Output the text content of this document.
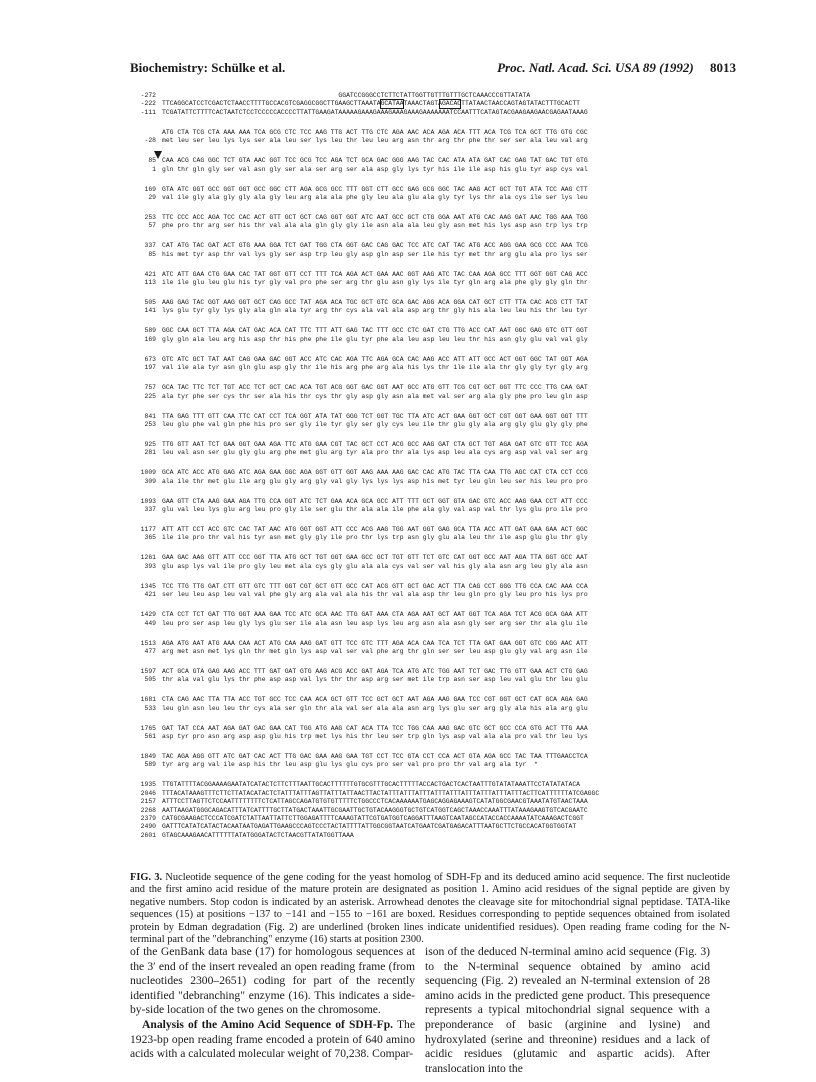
Biochemistry: Schülke et al.	Proc. Natl. Acad. Sci. USA 89 (1992) 8013
-272 GGATCCGGGCCTCTTCTATTGGTTGTTTGTTTGCTCAAACCCGTTATATA
-222 TTCAGGCATCCTCGACTCTAACCTTTTGCCACGTCGAGGCGGCTTGAAGCTTAAATAGCATAATAAACTAGTAGACACTTATAACTAACCAGTAGTATACTTTGCACTT
-111 TCGATATTCTTTTCACTAATCTCCTCCCCCACCCCTTATTGAAGATAAAAAGAAAGAAAGAAAGAAAGAAAAAAATCCAATTTCATAGTACGAAGAAGAACGAGAATAAAG
ATG CTA TCG CTA AAA AAA TCA GCG CTC TCC AAG TTG ACT TTG CTC AGA AAC ACA AGA ACA TTT ACA TCG TCA GCT TTG GTG CGC
-28 met leu ser leu lys lys ser ala leu ser lys leu thr leu leu arg asn thr arg thr phe thr ser ser ala leu val arg
85 CAA ACG CAG GGC TCT GTA AAC GGT TCC GCG TCC AGA TCT GCA GAC GGG AAG TAC CAC ATA ATA GAT CAC GAG TAT GAC TGT GTG
1 gln thr gln gly ser val asn gly ser ala ser arg ser ala asp gly lys tyr his ile ile asp his glu tyr asp cys val
169 GTA ATC GGT GCC GGT GGT GCC GGC CTT AGA GCG GCC TTT GGT CTT GCC GAG GCG GGC TAC AAG ACT GCT TGT ATA TCC AAG CTT
29 val ile gly ala gly gly ala gly leu arg ala ala phe gly leu ala glu ala gly tyr lys thr ala cys ile ser lys leu
253 TTC CCC ACC AGA TCC CAC ACT GTT GCT GCT CAG GGT GGT ATC AAT GCC GCT CTG GGA AAT ATG CAC AAG GAT AAC TGG AAA TGG
57 phe pro thr arg ser his thr val ala ala gln gly gly ile asn ala ala leu gly asn met his lys asp asn trp lys trp
337 CAT ATG TAC GAT ACT GTG AAA GGA TCT GAT TGG CTA GGT GAC CAG GAC TCC ATC CAT TAC ATG ACC AGG GAA GCG CCC AAA TCG
85 his met tyr asp thr val lys gly ser asp trp leu gly asp gln asp ser ile his tyr met thr arg glu ala pro lys ser
421 ATC ATT GAA CTG GAA CAC TAT GGT GTT CCT TTT TCA AGA ACT GAA AAC GGT AAG ATC TAC CAA AGA GCC TTT GGT GGT CAG ACC
113 ile ile glu leu glu his tyr gly val pro phe ser arg thr glu asn gly lys ile tyr gln arg ala phe gly gly gln thr
505 AAG GAG TAC GGT AAG GGT GCT CAG GCC TAT AGA ACA TGC GCT GTC GCA GAC AGG ACA GGA CAT GCT CTT TTA CAC ACG CTT TAT
141 lys glu tyr gly lys gly ala gln ala tyr arg thr cys ala val ala asp arg thr gly his ala leu leu his thr leu tyr
589 GGC CAA GCT TTA AGA CAT GAC ACA CAT TTC TTT ATT GAG TAC TTT GCC CTC GAT CTG TTG ACC CAT AAT GGC GAG GTC GTT GGT
169 gly gln ala leu arg his asp thr his phe phe ile glu tyr phe ala leu asp leu leu thr his asn gly glu val val gly
673 GTC ATC GCT TAT AAT CAG GAA GAC GGT ACC ATC CAC AGA TTC AGA GCA CAC AAG ACC ATT ATT GCC ACT GGT GGC TAT GGT AGA
197 val ile ala tyr asn gln glu asp gly thr ile his arg phe arg ala his lys thr ile ile ala thr gly gly tyr gly arg
757 GCA TAC TTC TCT TGT ACC TCT GCT CAC ACA TGT ACG GGT GAC GGT AAT GCC ATG GTT TCG CGT GCT GGT TTC CCC TTG CAA GAT
225 ala tyr phe ser cys thr ser ala his thr cys thr gly asp gly asn ala met val ser arg ala gly phe pro leu gln asp
841 TTA GAG TTT GTT CAA TTC CAT CCT TCA GGT ATA TAT GGG TCT GGT TGC TTA ATC ACT GAA GGT GCT CGT GGT GAA GGT GGT TTT
253 leu glu phe val gln phe his pro ser gly ile tyr gly ser gly cys leu ile thr glu gly ala arg gly glu gly gly phe
925 TTG GTT AAT TCT GAA GGT GAA AGA TTC ATG GAA CGT TAC GCT CCT ACG GCC AAG GAT CTA GCT TGT AGA GAT GTC GTT TCC AGA
281 leu val asn ser glu gly glu arg phe met glu arg tyr ala pro thr ala lys asp leu ala cys arg asp val val ser arg
1009 GCA ATC ACC ATG GAG ATC AGA GAA GGC AGA GGT GTT GGT AAG AAA AAG GAC CAC ATG TAC TTA CAA TTG AGC CAT CTA CCT CCG
309 ala ile thr met glu ile arg glu gly arg gly val gly lys lys lys asp his met tyr leu gln leu ser his leu pro pro
1093 GAA GTT CTA AAG GAA AGA TTG CCA GGT ATC TCT GAA ACA GCA GCC ATT TTT GCT GGT GTA GAC GTC ACC AAG GAA CCT ATT CCC
337 glu val leu lys glu arg leu pro gly ile ser glu thr ala ala ile phe ala gly val asp val thr lys glu pro ile pro
1177 ATT ATT CCT ACC GTC CAC TAT AAC ATG GGT GGT ATT CCC ACG AAG TGG AAT GGT GAG GCA TTA ACC ATT GAT GAA GAA ACT GGC
365 ile ile pro thr val his tyr asn met gly gly ile pro thr lys trp asn gly glu ala leu thr ile asp glu glu thr gly
1261 GAA GAC AAG GTT ATT CCC GGT TTA ATG GCT TGT GGT GAA GCC GCT TGT GTT TCT GTC CAT GGT GCC AAT AGA TTA GGT GCC AAT
393 glu asp lys val ile pro gly leu met ala cys gly glu ala ala cys val ser val his gly ala asn arg leu gly ala asn
1345 TCC TTG TTG GAT CTT GTT GTC TTT GGT CGT GCT GTT GCC CAT ACG GTT GCT GAC ACT TTA CAG CCT GGG TTG CCA CAC AAA CCA
421 ser leu leu asp leu val val phe gly arg ala val ala his thr val ala asp thr leu gln pro gly leu pro his lys pro
1429 CTA CCT TCT GAT TTG GGT AAA GAA TCC ATC GCA AAC TTG GAT AAA CTA AGA AAT GCT AAT GGT TCA AGA TCT ACG GCA GAA ATT
449 leu pro ser asp leu gly lys glu ser ile ala asn leu asp lys leu arg asn ala asn gly ser arg ser thr ala glu ile
1513 AGA ATG AAT ATG AAA CAA ACT ATG CAA AAG GAT GTT TCC GTC TTT AGA ACA CAA TCA TCT TTA GAT GAA GGT GTC CGG AAC ATT
477 arg met asn met lys gln thr met gln lys asp val ser val phe arg thr gln ser ser leu asp glu gly val arg asn ile
1597 ACT GCA GTA GAG AAG ACC TTT GAT GAT GTG AAG ACG ACC GAT AGA TCA ATG ATC TGG AAT TCT GAC TTG GTT GAA ACT CTG GAG
505 thr ala val glu lys thr phe asp asp val lys thr thr asp arg ser met ile trp asn ser asp leu val glu thr leu glu
1681 CTA CAG AAC TTA TTA ACC TGT GCC TCC CAA ACA GCT GTT TCC GCT GCT AAT AGA AAG GAA TCC CGT GGT GCT CAT GCA AGA GAG
533 leu gln asn leu leu thr cys ala ser gln thr ala val ser ala ala asn arg lys glu ser arg gly ala his ala arg glu
1765 GAT TAT CCA AAT AGA GAT GAC GAA CAT TGG ATG AAG CAT ACA TTA TCC TGG CAA AAG GAC GTC GCT GCC CCA GTG ACT TTG AAA
561 asp tyr pro asn arg asp asp glu his trp met lys his thr leu ser trp gln lys asp val ala ala pro val thr leu lys
1849 TAC AGA AGG GTT ATC GAT CAC ACT TTG GAC GAA AAG GAA TGT CCT TCC GTA CCT CCA ACT GTA AGA GCC TAC TAA TTTGAACCTCA
589 tyr arg arg val ile asp his thr leu asp glu lys glu cys pro ser val pro pro thr val arg ala tyr  *
1935 TTGTATTTTACGGAAAAGAATATCATACTCTTCTTTAATTGCACTTTTTTGTGCGTTTGCACTTTTTACCACTGACTCACTAATTTGTATATAAATTCCTATATATACA
2046 TTTACATAAAGTTTCTTCTTATACATACTCTATTTATTTAGTTATTTATTAACTTACTATTTATTTATTTATTTATTTATTTATTTATTTATTTACTTCATTTTTTATCGAGGC
2157 ATTTCCTTAGTTCTCCAATTTTTTTTCTCATTAGCCAGATGTGTGTTTTTCTGGCCCTCACAAAAAATGAGCAGGAGAAAGTCATATGGCGAACGTAAATATGTAACTAAA
2268 AATTAAGATGGGCAGACATTTATCATTTTGCTTATGACTAAATTGCGAATTGCTGTACAAGGGTGCTGTCATGGTCAGCTAAACCAAATTTATAAAGAAGTGTCACGAATC
2379 CATGCGAAGACTCCCATCGATCTATTAATTATTCTTGGAGATTTTCAAAGTATTCGTGATGGTCAGGATTTAAGTCAATAGCCATACCACCAAAATATCAAAGACTCGGT
2490 GATTTCATATCATACTACAATAATGAGATTGAAGCCCAGTCCCTACTATTTTATTGGCGGTAATCATGAATCGATGAGACATTTAATGCTTCTGCCACATGGTGGTAT
2601 GTAGCAAAGAACATTTTTTATATGGGATACTCTAACGTTATATGGTTAAA
FIG. 3. Nucleotide sequence of the gene coding for the yeast homolog of SDH-Fp and its deduced amino acid sequence. The first nucleotide and the first amino acid residue of the mature protein are designated as position 1. Amino acid residues of the signal peptide are given by negative numbers. Stop codon is indicated by an asterisk. Arrowhead denotes the cleavage site for mitochondrial signal peptidase. TATA-like sequences (15) at positions −137 to −141 and −155 to −161 are boxed. Residues corresponding to peptide sequences obtained from isolated protein by Edman degradation (Fig. 2) are underlined (broken lines indicate unidentified residues). Open reading frame coding for the N-terminal part of the "debranching" enzyme (16) starts at position 2300.

of the GenBank data base (17) for homologous sequences at the 3′ end of the insert revealed an open reading frame (from nucleotides 2300–2651) coding for part of the recently identified "debranching" enzyme (16). This indicates a side-by-side location of the two genes on the chromosome.

Analysis of the Amino Acid Sequence of SDH-Fp. The 1923-bp open reading frame encoded a protein of 640 amino acids with a calculated molecular weight of 70,238. Compar-

ison of the deduced N-terminal amino acid sequence (Fig. 3) to the N-terminal sequence obtained by amino acid sequencing (Fig. 2) revealed an N-terminal extension of 28 amino acids in the predicted gene product. This presequence represents a typical mitochondrial signal sequence with a preponderance of basic (arginine and lysine) and hydroxylated (serine and threonine) residues and a lack of acidic residues (glutamic and aspartic acids). After translocation into the
